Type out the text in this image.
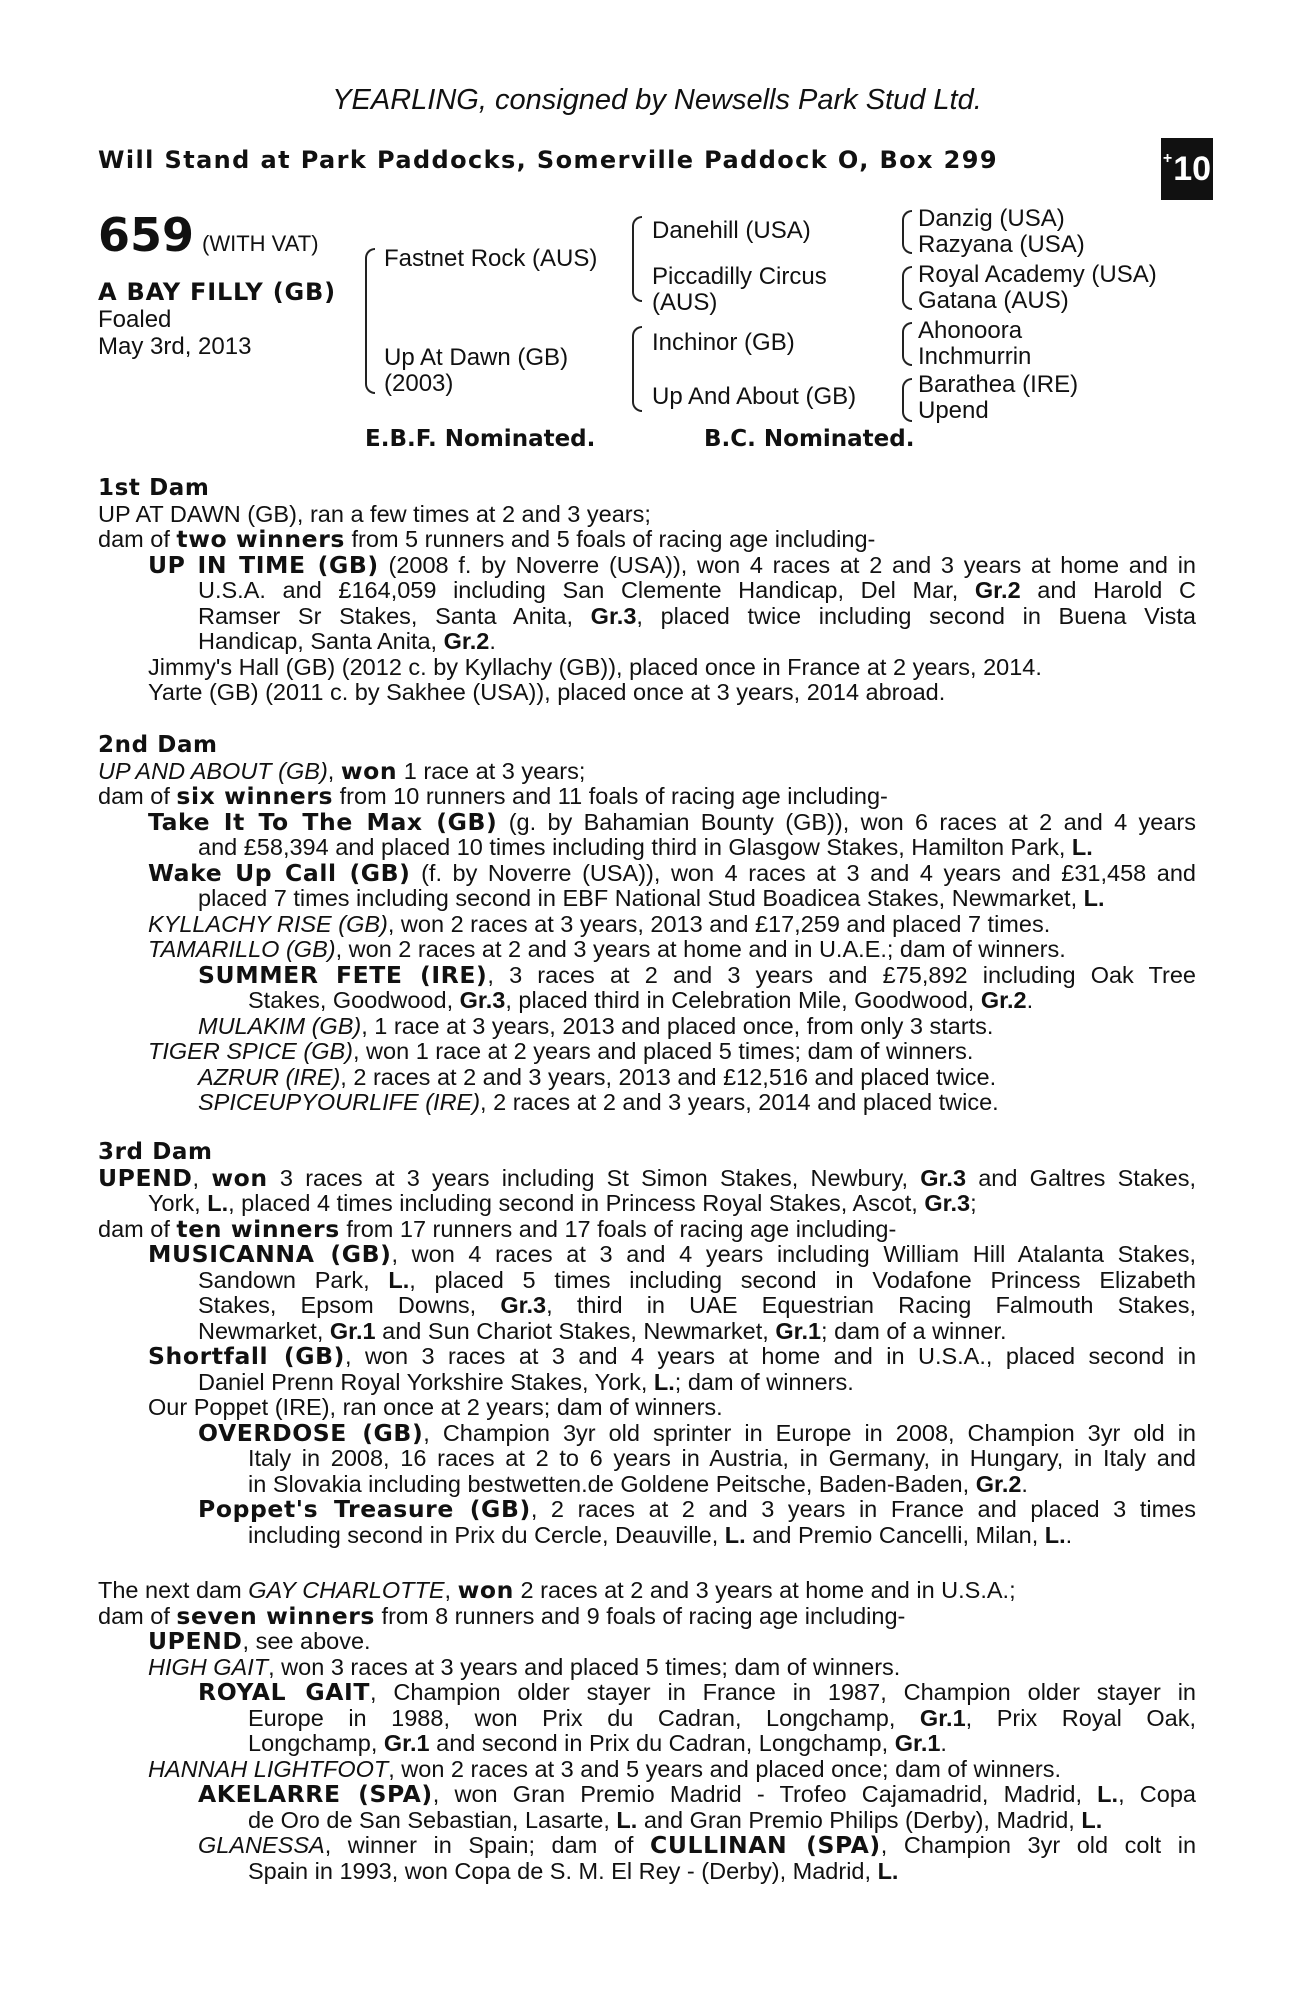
YEARLING, consigned by Newsells Park Stud Ltd.
Will Stand at Park Paddocks, Somerville Paddock O, Box 299	+ 10
659 (WITH VAT)
A BAY FILLY (GB)
Foaled
May 3rd, 2013
Fastnet Rock (AUS)
Up At Dawn (GB)
(2003)
Danehill (USA)
Piccadilly Circus
(AUS)
Inchinor (GB)
Up And About (GB)
Danzig (USA)
Razyana (USA)
Royal Academy (USA)
Gatana (AUS)
Ahonoora
Inchmurrin
Barathea (IRE)
Upend
E.B.F. Nominated.	B.C. Nominated.
1st Dam
UP AT DAWN (GB), ran a few times at 2 and 3 years;
dam of two winners from 5 runners and 5 foals of racing age including-
UP IN TIME (GB) (2008 f. by Noverre (USA)), won 4 races at 2 and 3 years at home and in
U.S.A. and £164,059 including San Clemente Handicap, Del Mar, Gr.2 and Harold C
Ramser Sr Stakes, Santa Anita, Gr.3, placed twice including second in Buena Vista
Handicap, Santa Anita, Gr.2.
Jimmy's Hall (GB) (2012 c. by Kyllachy (GB)), placed once in France at 2 years, 2014.
Yarte (GB) (2011 c. by Sakhee (USA)), placed once at 3 years, 2014 abroad.
2nd Dam
UP AND ABOUT (GB), won 1 race at 3 years;
dam of six winners from 10 runners and 11 foals of racing age including-
Take It To The Max (GB) (g. by Bahamian Bounty (GB)), won 6 races at 2 and 4 years
and £58,394 and placed 10 times including third in Glasgow Stakes, Hamilton Park, L.
Wake Up Call (GB) (f. by Noverre (USA)), won 4 races at 3 and 4 years and £31,458 and
placed 7 times including second in EBF National Stud Boadicea Stakes, Newmarket, L.
KYLLACHY RISE (GB), won 2 races at 3 years, 2013 and £17,259 and placed 7 times.
TAMARILLO (GB), won 2 races at 2 and 3 years at home and in U.A.E.; dam of winners.
SUMMER FETE (IRE), 3 races at 2 and 3 years and £75,892 including Oak Tree
Stakes, Goodwood, Gr.3, placed third in Celebration Mile, Goodwood, Gr.2.
MULAKIM (GB), 1 race at 3 years, 2013 and placed once, from only 3 starts.
TIGER SPICE (GB), won 1 race at 2 years and placed 5 times; dam of winners.
AZRUR (IRE), 2 races at 2 and 3 years, 2013 and £12,516 and placed twice.
SPICEUPYOURLIFE (IRE), 2 races at 2 and 3 years, 2014 and placed twice.
3rd Dam
UPEND, won 3 races at 3 years including St Simon Stakes, Newbury, Gr.3 and Galtres Stakes,
York, L., placed 4 times including second in Princess Royal Stakes, Ascot, Gr.3;
dam of ten winners from 17 runners and 17 foals of racing age including-
MUSICANNA (GB), won 4 races at 3 and 4 years including William Hill Atalanta Stakes,
Sandown Park, L., placed 5 times including second in Vodafone Princess Elizabeth
Stakes, Epsom Downs, Gr.3, third in UAE Equestrian Racing Falmouth Stakes,
Newmarket, Gr.1 and Sun Chariot Stakes, Newmarket, Gr.1; dam of a winner.
Shortfall (GB), won 3 races at 3 and 4 years at home and in U.S.A., placed second in
Daniel Prenn Royal Yorkshire Stakes, York, L.; dam of winners.
Our Poppet (IRE), ran once at 2 years; dam of winners.
OVERDOSE (GB), Champion 3yr old sprinter in Europe in 2008, Champion 3yr old in
Italy in 2008, 16 races at 2 to 6 years in Austria, in Germany, in Hungary, in Italy and
in Slovakia including bestwetten.de Goldene Peitsche, Baden-Baden, Gr.2.
Poppet's Treasure (GB), 2 races at 2 and 3 years in France and placed 3 times
including second in Prix du Cercle, Deauville, L. and Premio Cancelli, Milan, L..
The next dam GAY CHARLOTTE, won 2 races at 2 and 3 years at home and in U.S.A.;
dam of seven winners from 8 runners and 9 foals of racing age including-
UPEND, see above.
HIGH GAIT, won 3 races at 3 years and placed 5 times; dam of winners.
ROYAL GAIT, Champion older stayer in France in 1987, Champion older stayer in
Europe in 1988, won Prix du Cadran, Longchamp, Gr.1, Prix Royal Oak,
Longchamp, Gr.1 and second in Prix du Cadran, Longchamp, Gr.1.
HANNAH LIGHTFOOT, won 2 races at 3 and 5 years and placed once; dam of winners.
AKELARRE (SPA), won Gran Premio Madrid - Trofeo Cajamadrid, Madrid, L., Copa
de Oro de San Sebastian, Lasarte, L. and Gran Premio Philips (Derby), Madrid, L.
GLANESSA, winner in Spain; dam of CULLINAN (SPA), Champion 3yr old colt in
Spain in 1993, won Copa de S. M. El Rey - (Derby), Madrid, L.
